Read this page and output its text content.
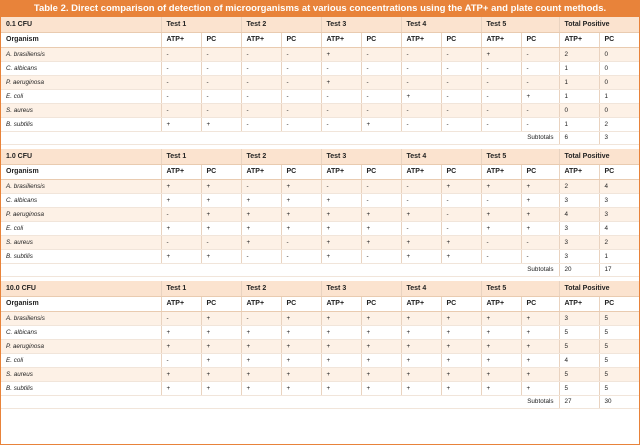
Table 2. Direct comparison of detection of microorganisms at various concentrations using the ATP+ and plate count methods.
0.1 CFU	Test 1		Test 2		Test 3		Test 4		Test 5		Total Positive	
Organism	ATP+	PC	ATP+	PC	ATP+	PC	ATP+	PC	ATP+	PC	ATP+	PC
A. brasiliensis	-	-	-	-	+	-	-	-	+	-	2	0
C. albicans	-	-	-	-	-	-	-	-	-	-	1	0
P. aeruginosa	-	-	-	-	+	-	-	-	-	-	1	0
E. coli	-	-	-	-	-	-	+	-	-	+	1	1
S. aureus	-	-	-	-	-	-	-	-	-	-	0	0
B. subtilis	+	+	-	-	-	+	-	-	-	-	1	2
Subtotals											6	3

1.0 CFU	Test 1		Test 2		Test 3		Test 4		Test 5		Total Positive	
Organism	ATP+	PC	ATP+	PC	ATP+	PC	ATP+	PC	ATP+	PC	ATP+	PC
A. brasiliensis	+	+	-	+	-	-	-	+	+	+	2	4
C. albicans	+	+	+	+	+	-	-	-	-	+	3	3
P. aeruginosa	-	+	+	+	+	+	+	-	+	+	4	3
E. coli	+	+	+	+	+	+	-	-	+	+	3	4
S. aureus	-	-	+	-	+	+	+	+	-	-	3	2
B. subtilis	+	+	-	-	+	-	+	+	-	-	3	1
Subtotals											20	17

10.0 CFU	Test 1		Test 2		Test 3		Test 4		Test 5		Total Positive	
Organism	ATP+	PC	ATP+	PC	ATP+	PC	ATP+	PC	ATP+	PC	ATP+	PC
A. brasiliensis	-	+	-	+	+	+	+	+	+	+	3	5
C. albicans	+	+	+	+	+	+	+	+	+	+	5	5
P. aeruginosa	+	+	+	+	+	+	+	+	+	+	5	5
E. coli	-	+	+	+	+	+	+	+	+	+	4	5
S. aureus	+	+	+	+	+	+	+	+	+	+	5	5
B. subtilis	+	+	+	+	+	+	+	+	+	+	5	5
Subtotals											27	30
